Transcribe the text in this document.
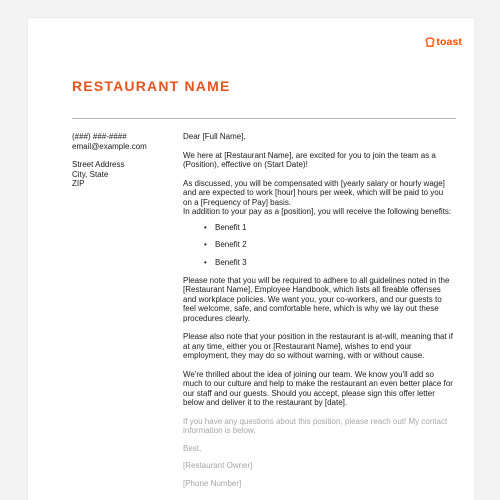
toast
RESTAURANT NAME
(###) ###-####
email@example.com
Street Address
City, State
ZIP

Dear [Full Name],

We here at [Restaurant Name], are excited for you to join the team as a (Position), effective on (Start Date)!

As discussed, you will be compensated with [yearly salary or hourly wage]
and are expected to work [hour] hours per week, which will be paid to you on a [Frequency of Pay] basis.
In addition to your pay as a [position], you will receive the following benefits:
• Benefit 1
• Benefit 2
• Benefit 3

Please note that you will be required to adhere to all guidelines noted in the [Restaurant Name], Employee Handbook, which lists all fireable offenses and workplace policies. We want you, your co-workers, and our guests to feel welcome, safe, and comfortable here, which is why we lay out these procedures clearly.

Please also note that your position in the restaurant is at-will, meaning that if at any time, either you or [Restaurant Name], wishes to end your employment, they may do so without warning, with or without cause.

We're thrilled about the idea of joining our team. We know you'll add so much to our culture and help to make the restaurant an even better place for our staff and our guests. Should you accept, please sign this offer letter below and deliver it to the restaurant by [date].

If you have any questions about this position, please reach out! My contact information is below.

Best,

[Restaurant Owner]

[Phone Number]
